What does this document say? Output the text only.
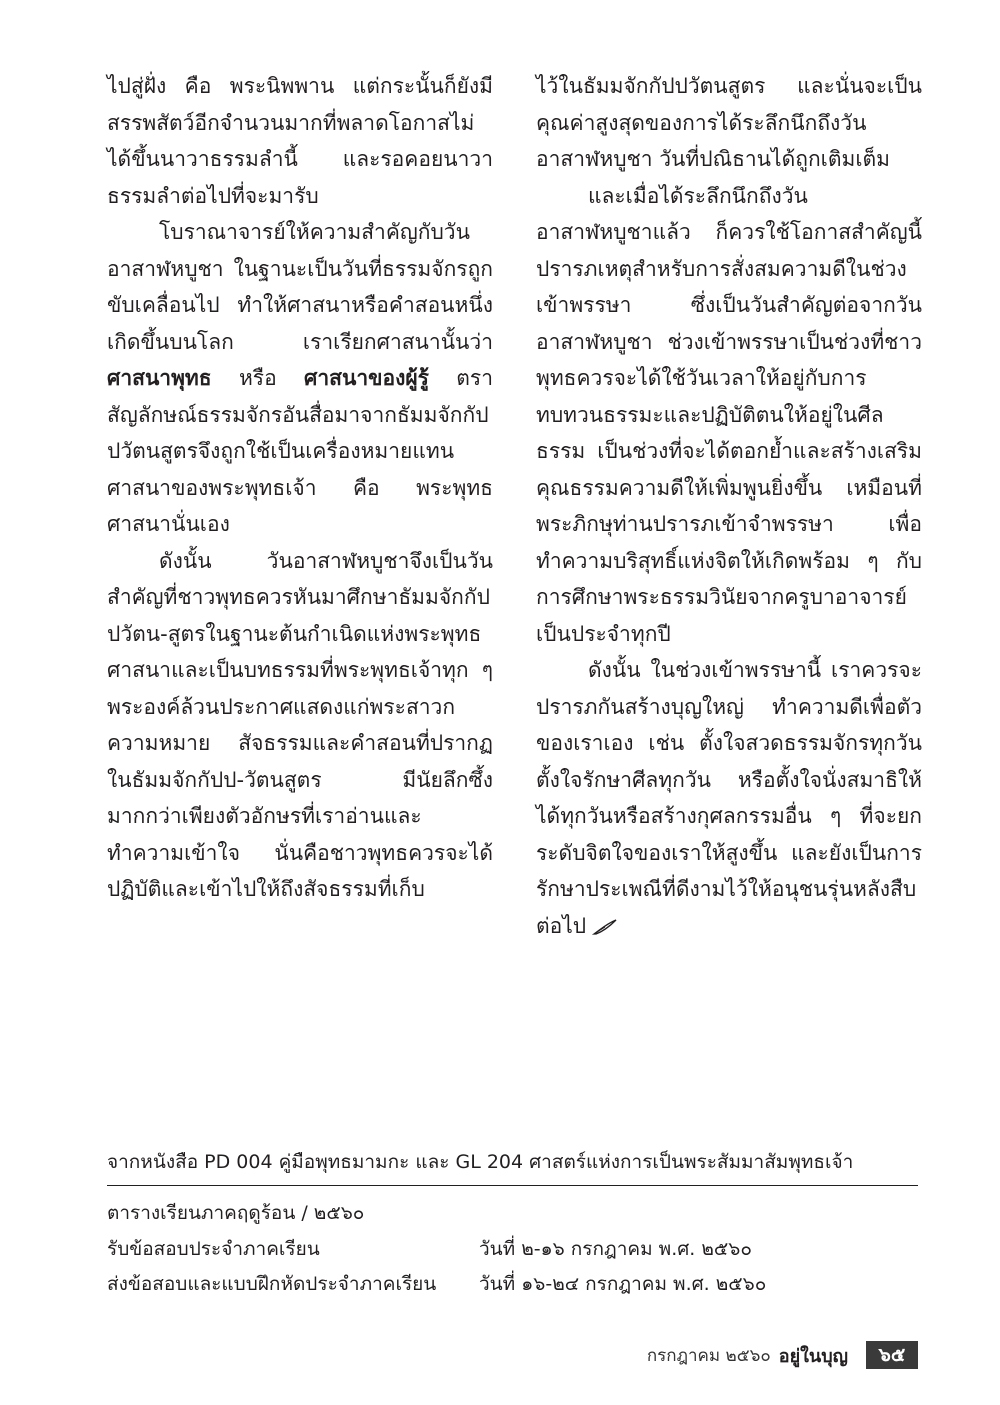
ไปสู่ฝั่ง คือ พระนิพพาน แต่กระนั้นก็ยังมีสรรพสัตว์อีกจำนวนมากที่พลาดโอกาสไม่ได้ขึ้นนาวาธรรมลำนี้ และรอคอยนาวาธรรมลำต่อไปที่จะมารับ

โบราณาจารย์ให้ความสำคัญกับวันอาสาฬหบูชา ในฐานะเป็นวันที่ธรรมจักรถูกขับเคลื่อนไป ทำให้ศาสนาหรือคำสอนหนึ่งเกิดขึ้นบนโลก เราเรียกศาสนานั้นว่า ศาสนาพุทธ หรือ ศาสนาของผู้รู้ ตราสัญลักษณ์ธรรมจักรอันสื่อมาจากธัมมจักกัปปวัตนสูตรจึงถูกใช้เป็นเครื่องหมายแทนศาสนาของพระพุทธเจ้า คือ พระพุทธศาสนานั่นเอง

ดังนั้น วันอาสาฬหบูชาจึงเป็นวันสำคัญที่ชาวพุทธควรหันมาศึกษาธัมมจักกัปปวัตน-สูตรในฐานะต้นกำเนิดแห่งพระพุทธศาสนาและเป็นบทธรรมที่พระพุทธเจ้าทุก ๆ พระองค์ล้วนประกาศแสดงแก่พระสาวก ความหมาย สัจธรรมและคำสอนที่ปรากฏในธัมมจักกัปป-วัตนสูตร มีนัยลึกซึ้งมากกว่าเพียงตัวอักษรที่เราอ่านและทำความเข้าใจ นั่นคือชาวพุทธควรจะได้ปฏิบัติและเข้าไปให้ถึงสัจธรรมที่เก็บ

ไว้ในธัมมจักกัปปวัตนสูตร และนั่นจะเป็นคุณค่าสูงสุดของการได้ระลึกนึกถึงวันอาสาฬหบูชา วันที่ปณิธานได้ถูกเติมเต็ม

และเมื่อได้ระลึกนึกถึงวันอาสาฬหบูชาแล้ว ก็ควรใช้โอกาสสำคัญนี้ ปรารภเหตุสำหรับการสั่งสมความดีในช่วงเข้าพรรษา ซึ่งเป็นวันสำคัญต่อจากวันอาสาฬหบูชา ช่วงเข้าพรรษาเป็นช่วงที่ชาวพุทธควรจะได้ใช้วันเวลาให้อยู่กับการทบทวนธรรมะและปฏิบัติตนให้อยู่ในศีลธรรม เป็นช่วงที่จะได้ตอกย้ำและสร้างเสริมคุณธรรมความดีให้เพิ่มพูนยิ่งขึ้น เหมือนที่พระภิกษุท่านปรารภเข้าจำพรรษา เพื่อทำความบริสุทธิ์แห่งจิตให้เกิดพร้อม ๆ กับการศึกษาพระธรรมวินัยจากครูบาอาจารย์เป็นประจำทุกปี

ดังนั้น ในช่วงเข้าพรรษานี้ เราควรจะปรารภกันสร้างบุญใหญ่ ทำความดีเพื่อตัวของเราเอง เช่น ตั้งใจสวดธรรมจักรทุกวัน ตั้งใจรักษาศีลทุกวัน หรือตั้งใจนั่งสมาธิให้ได้ทุกวันหรือสร้างกุศลกรรมอื่น ๆ ที่จะยกระดับจิตใจของเราให้สูงขึ้น และยังเป็นการรักษาประเพณีที่ดีงามไว้ให้อนุชนรุ่นหลังสืบต่อไป

จากหนังสือ PD 004 คู่มือพุทธมามกะ และ GL 204 ศาสตร์แห่งการเป็นพระสัมมาสัมพุทธเจ้า
ตารางเรียนภาคฤดูร้อน / ๒๕๖๐
รับข้อสอบประจำภาคเรียน	วันที่ ๒-๑๖ กรกฎาคม พ.ศ. ๒๕๖๐
ส่งข้อสอบและแบบฝึกหัดประจำภาคเรียน	วันที่ ๑๖-๒๔ กรกฎาคม พ.ศ. ๒๕๖๐
กรกฎาคม ๒๕๖๐ อยู่ในบุญ	๖๕
